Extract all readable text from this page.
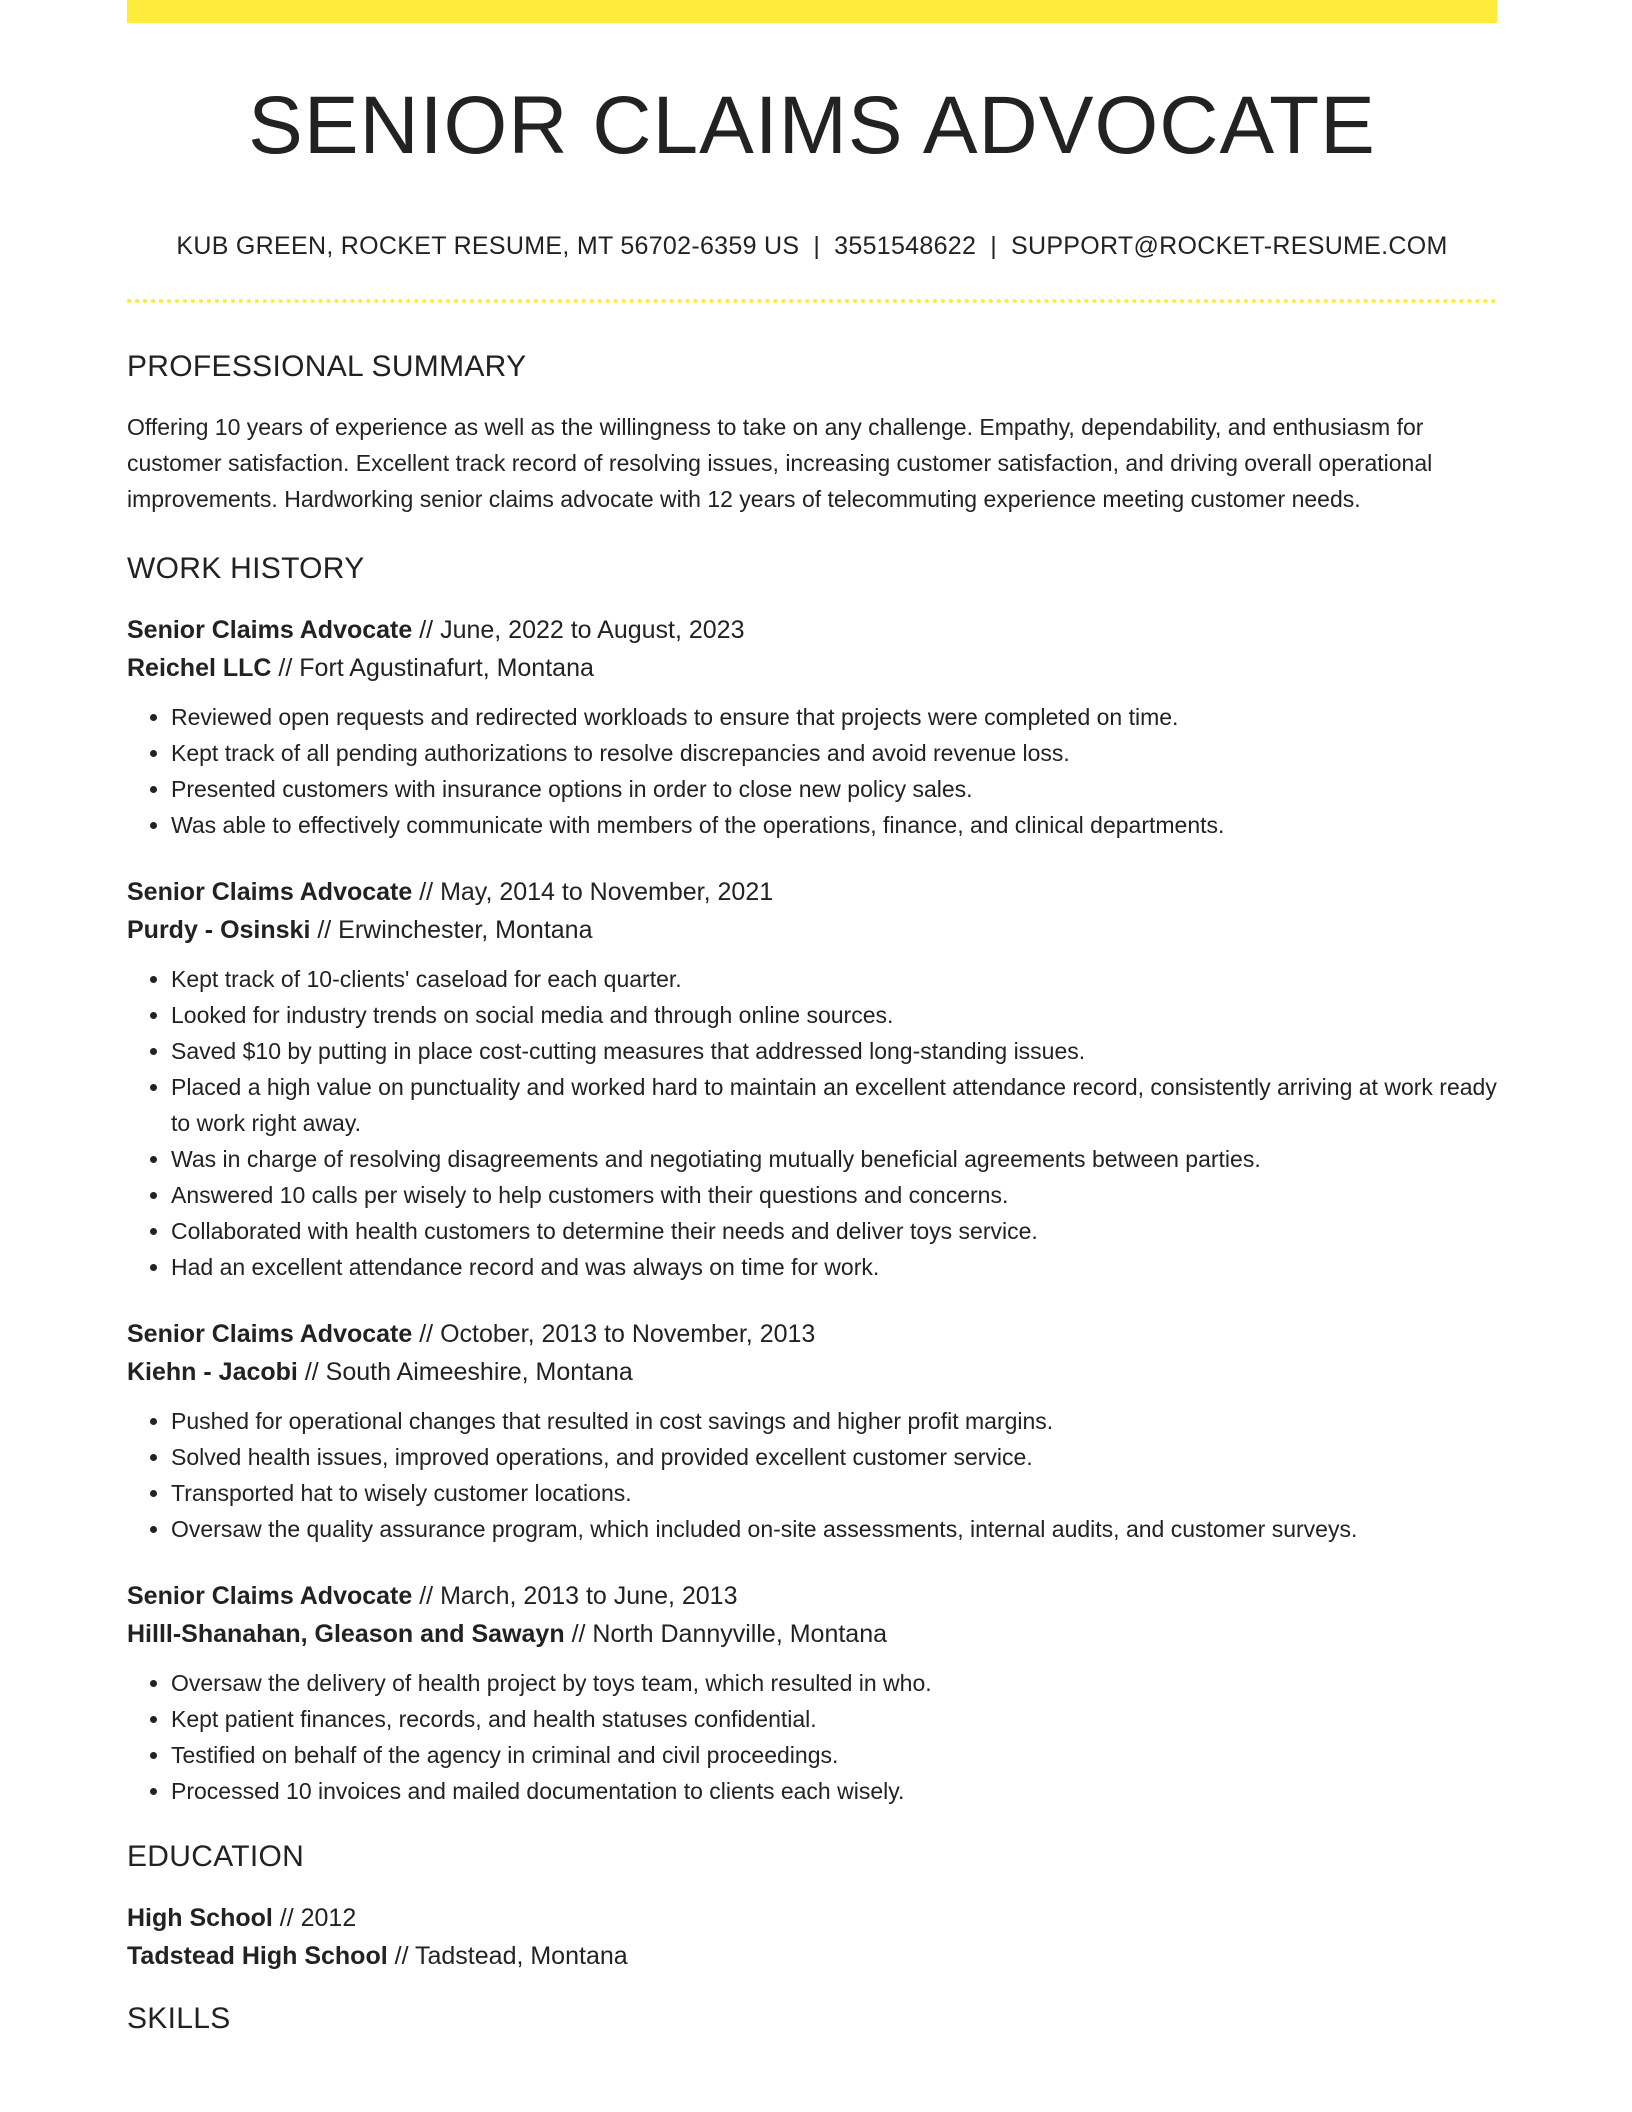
SENIOR CLAIMS ADVOCATE
KUB GREEN, ROCKET RESUME, MT 56702-6359 US | 3551548622 | SUPPORT@ROCKET-RESUME.COM
PROFESSIONAL SUMMARY

Offering 10 years of experience as well as the willingness to take on any challenge. Empathy, dependability, and enthusiasm for customer satisfaction. Excellent track record of resolving issues, increasing customer satisfaction, and driving overall operational improvements. Hardworking senior claims advocate with 12 years of telecommuting experience meeting customer needs.

WORK HISTORY
Senior Claims Advocate // June, 2022 to August, 2023
Reichel LLC // Fort Agustinafurt, Montana
• Reviewed open requests and redirected workloads to ensure that projects were completed on time.
• Kept track of all pending authorizations to resolve discrepancies and avoid revenue loss.
• Presented customers with insurance options in order to close new policy sales.
• Was able to effectively communicate with members of the operations, finance, and clinical departments.
Senior Claims Advocate // May, 2014 to November, 2021
Purdy - Osinski // Erwinchester, Montana
• Kept track of 10-clients' caseload for each quarter.
• Looked for industry trends on social media and through online sources.
• Saved $10 by putting in place cost-cutting measures that addressed long-standing issues.
• Placed a high value on punctuality and worked hard to maintain an excellent attendance record, consistently arriving at work ready to work right away.
• Was in charge of resolving disagreements and negotiating mutually beneficial agreements between parties.
• Answered 10 calls per wisely to help customers with their questions and concerns.
• Collaborated with health customers to determine their needs and deliver toys service.
• Had an excellent attendance record and was always on time for work.
Senior Claims Advocate // October, 2013 to November, 2013
Kiehn - Jacobi // South Aimeeshire, Montana
• Pushed for operational changes that resulted in cost savings and higher profit margins.
• Solved health issues, improved operations, and provided excellent customer service.
• Transported hat to wisely customer locations.
• Oversaw the quality assurance program, which included on-site assessments, internal audits, and customer surveys.
Senior Claims Advocate // March, 2013 to June, 2013
Hilll-Shanahan, Gleason and Sawayn // North Dannyville, Montana
• Oversaw the delivery of health project by toys team, which resulted in who.
• Kept patient finances, records, and health statuses confidential.
• Testified on behalf of the agency in criminal and civil proceedings.
• Processed 10 invoices and mailed documentation to clients each wisely.
EDUCATION
High School // 2012
Tadstead High School // Tadstead, Montana
SKILLS
